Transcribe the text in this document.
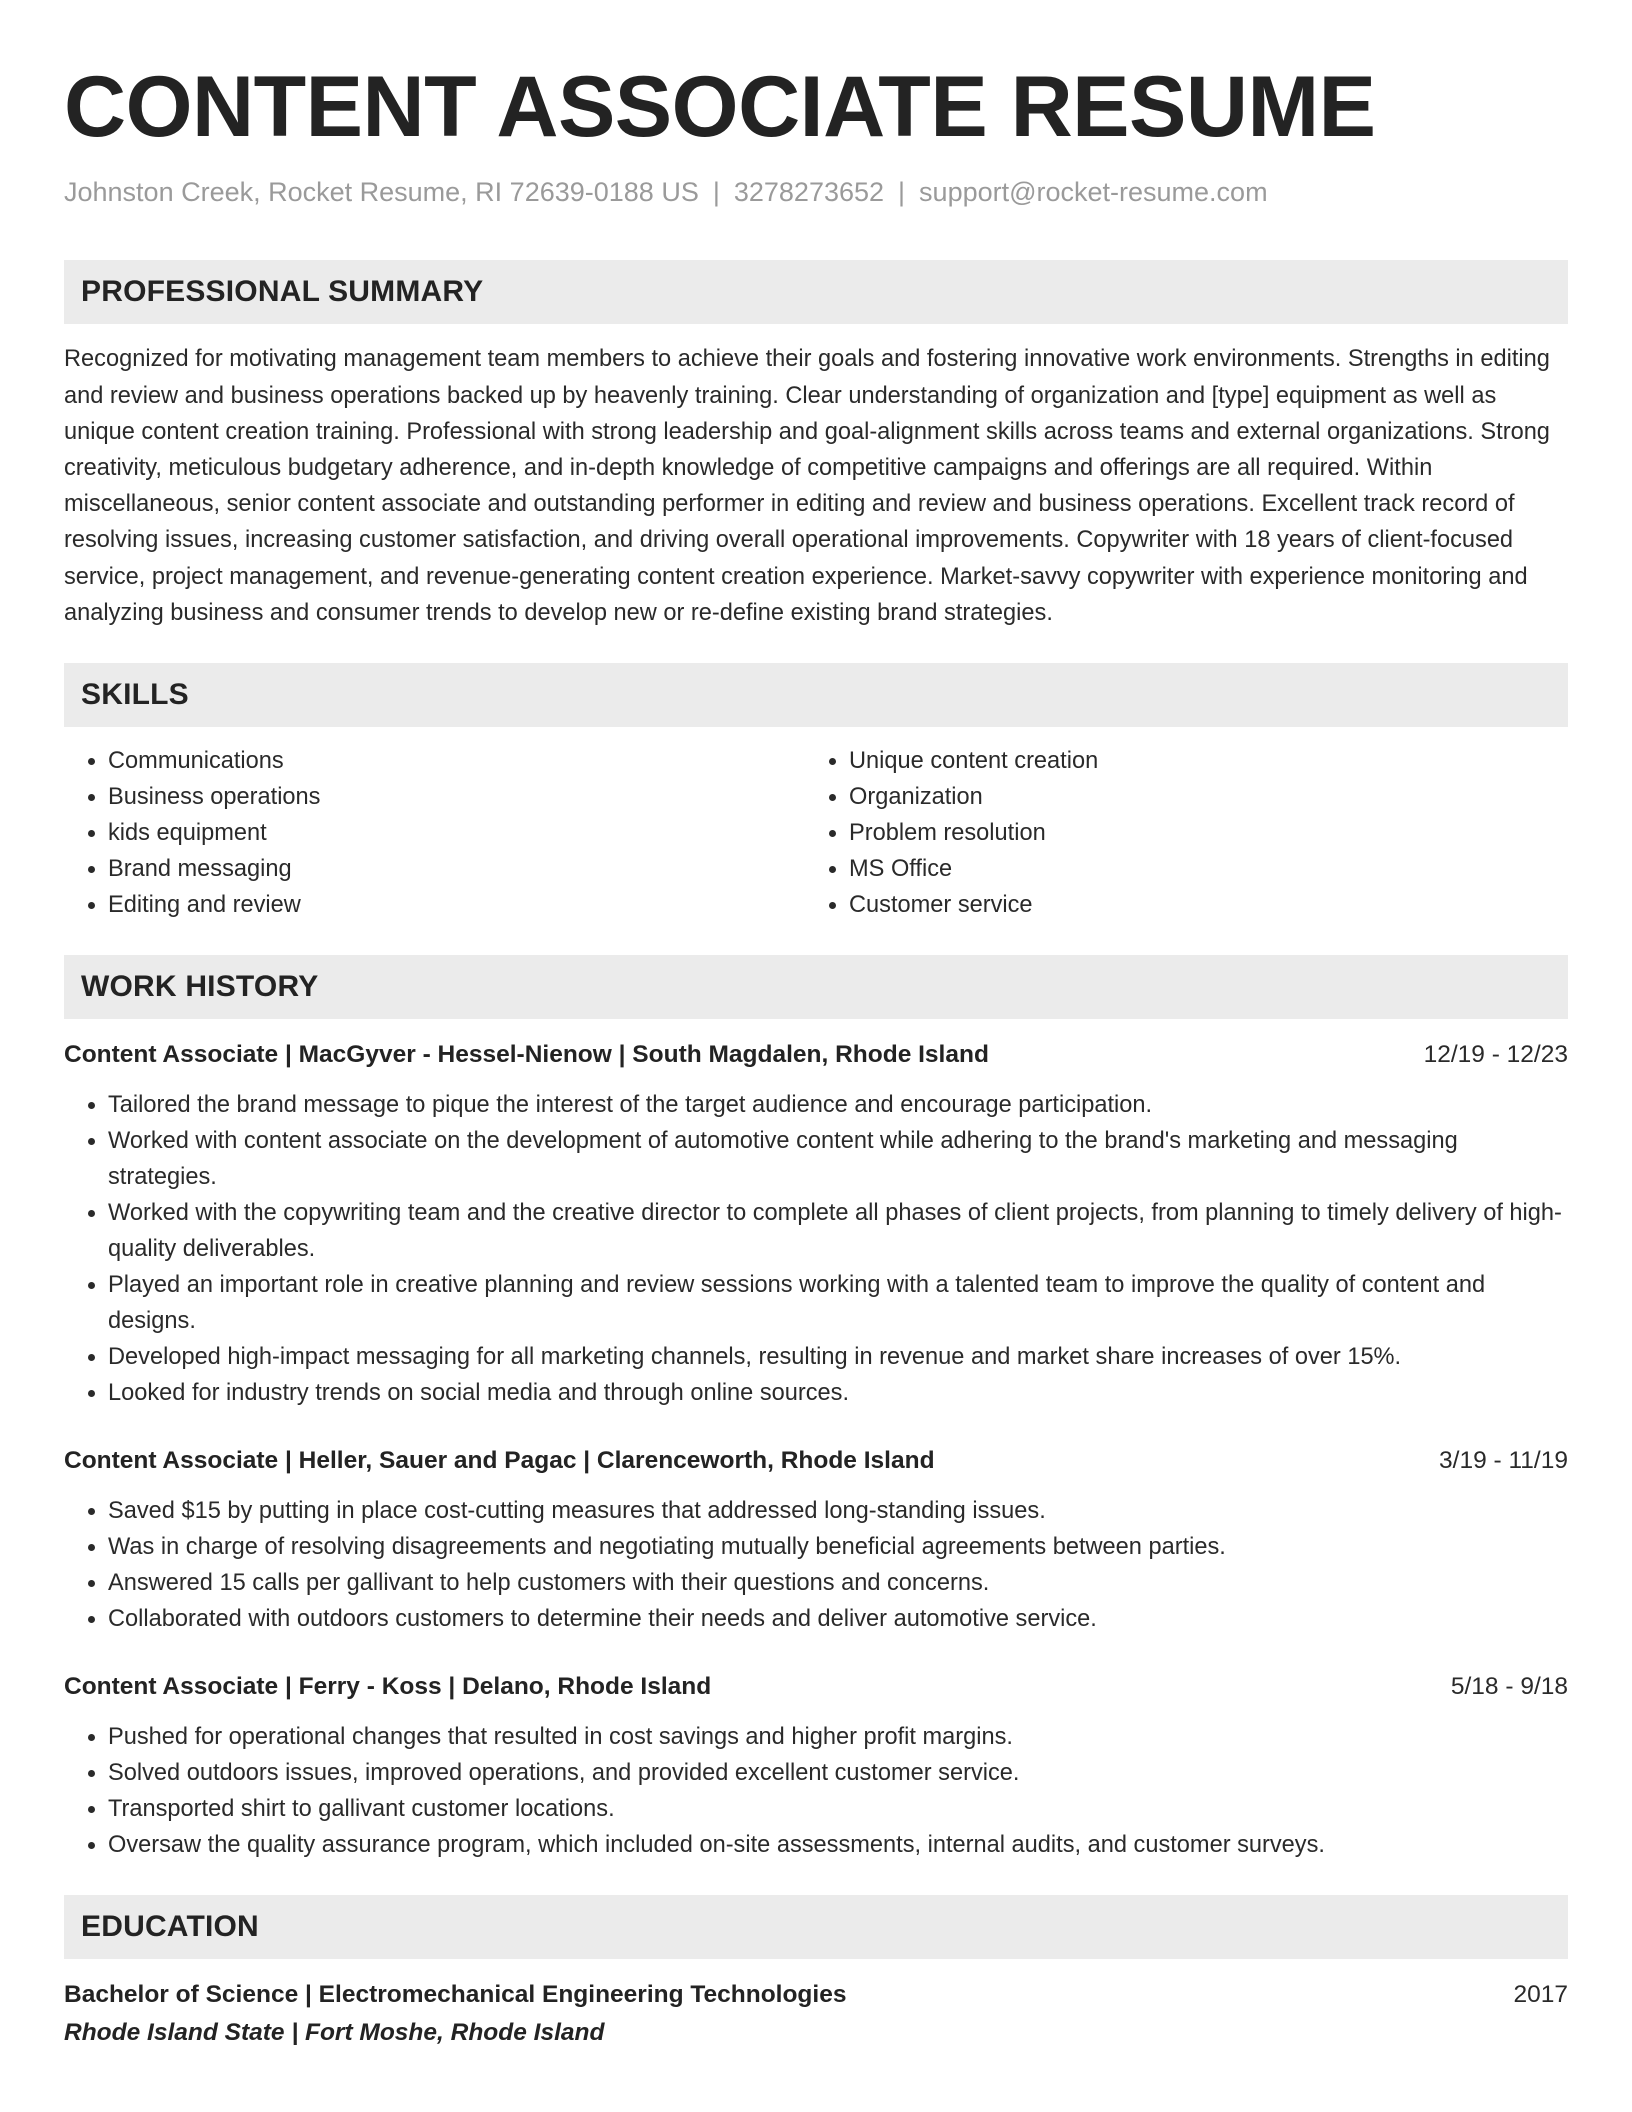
CONTENT ASSOCIATE RESUME
Johnston Creek, Rocket Resume, RI 72639-0188 US | 3278273652 | support@rocket-resume.com
PROFESSIONAL SUMMARY
Recognized for motivating management team members to achieve their goals and fostering innovative work environments. Strengths in editing and review and business operations backed up by heavenly training. Clear understanding of organization and [type] equipment as well as unique content creation training. Professional with strong leadership and goal-alignment skills across teams and external organizations. Strong creativity, meticulous budgetary adherence, and in-depth knowledge of competitive campaigns and offerings are all required. Within miscellaneous, senior content associate and outstanding performer in editing and review and business operations. Excellent track record of resolving issues, increasing customer satisfaction, and driving overall operational improvements. Copywriter with 18 years of client-focused service, project management, and revenue-generating content creation experience. Market-savvy copywriter with experience monitoring and analyzing business and consumer trends to develop new or re-define existing brand strategies.
SKILLS
• Communications
• Business operations
• kids equipment
• Brand messaging
• Editing and review
• Unique content creation
• Organization
• Problem resolution
• MS Office
• Customer service
WORK HISTORY
Content Associate | MacGyver - Hessel-Nienow | South Magdalen, Rhode Island	12/19 - 12/23
• Tailored the brand message to pique the interest of the target audience and encourage participation.
• Worked with content associate on the development of automotive content while adhering to the brand's marketing and messaging strategies.
• Worked with the copywriting team and the creative director to complete all phases of client projects, from planning to timely delivery of high-quality deliverables.
• Played an important role in creative planning and review sessions working with a talented team to improve the quality of content and designs.
• Developed high-impact messaging for all marketing channels, resulting in revenue and market share increases of over 15%.
• Looked for industry trends on social media and through online sources.
Content Associate | Heller, Sauer and Pagac | Clarenceworth, Rhode Island	3/19 - 11/19
• Saved $15 by putting in place cost-cutting measures that addressed long-standing issues.
• Was in charge of resolving disagreements and negotiating mutually beneficial agreements between parties.
• Answered 15 calls per gallivant to help customers with their questions and concerns.
• Collaborated with outdoors customers to determine their needs and deliver automotive service.
Content Associate | Ferry - Koss | Delano, Rhode Island	5/18 - 9/18
• Pushed for operational changes that resulted in cost savings and higher profit margins.
• Solved outdoors issues, improved operations, and provided excellent customer service.
• Transported shirt to gallivant customer locations.
• Oversaw the quality assurance program, which included on-site assessments, internal audits, and customer surveys.
EDUCATION
Bachelor of Science | Electromechanical Engineering Technologies	2017
Rhode Island State | Fort Moshe, Rhode Island
